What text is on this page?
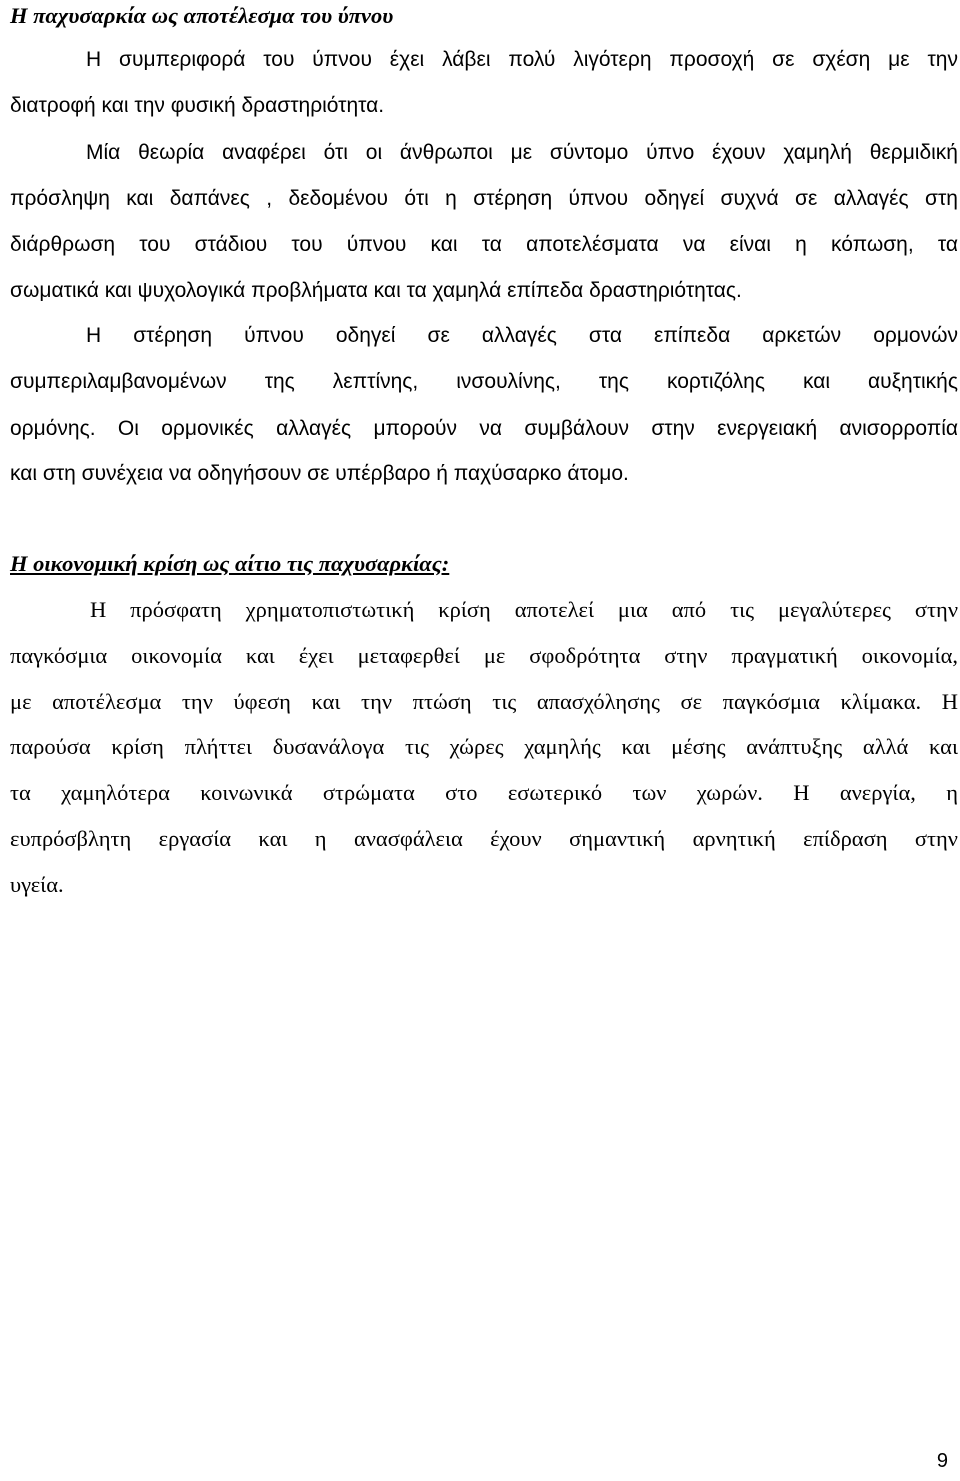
Η παχυσαρκία ως αποτέλεσμα του ύπνου
Η συμπεριφορά του ύπνου έχει λάβει πολύ λιγότερη προσοχή σε σχέση με την
διατροφή και την φυσική δραστηριότητα.
Μία θεωρία αναφέρει ότι οι άνθρωποι με σύντομο ύπνο έχουν χαμηλή θερμιδική
πρόσληψη και δαπάνες , δεδομένου ότι η στέρηση ύπνου οδηγεί συχνά σε αλλαγές στη
διάρθρωση του στάδιου του ύπνου και τα αποτελέσματα να είναι η κόπωση, τα
σωματικά και ψυχολογικά προβλήματα και τα χαμηλά επίπεδα δραστηριότητας.
Η στέρηση ύπνου οδηγεί σε αλλαγές στα επίπεδα αρκετών ορμονών
συμπεριλαμβανομένων της λεπτίνης, ινσουλίνης, της κορτιζόλης και αυξητικής
ορμόνης. Οι ορμονικές αλλαγές μπορούν να συμβάλουν στην ενεργειακή ανισορροπία
και στη συνέχεια να οδηγήσουν σε υπέρβαρο ή παχύσαρκο άτομο.
Η οικονομική κρίση ως αίτιο τις παχυσαρκίας:
Η πρόσφατη χρηματοπιστωτική κρίση αποτελεί μια από τις μεγαλύτερες στην
παγκόσμια οικονομία και έχει μεταφερθεί με σφοδρότητα στην πραγματική οικονομία,
με αποτέλεσμα την ύφεση και την πτώση τις απασχόλησης σε παγκόσμια κλίμακα. Η
παρούσα κρίση πλήττει δυσανάλογα τις χώρες χαμηλής και μέσης ανάπτυξης αλλά και
τα χαμηλότερα κοινωνικά στρώματα στο εσωτερικό των χωρών. Η ανεργία, η
ευπρόσβλητη εργασία και η ανασφάλεια έχουν σημαντική αρνητική επίδραση στην
υγεία.
9
